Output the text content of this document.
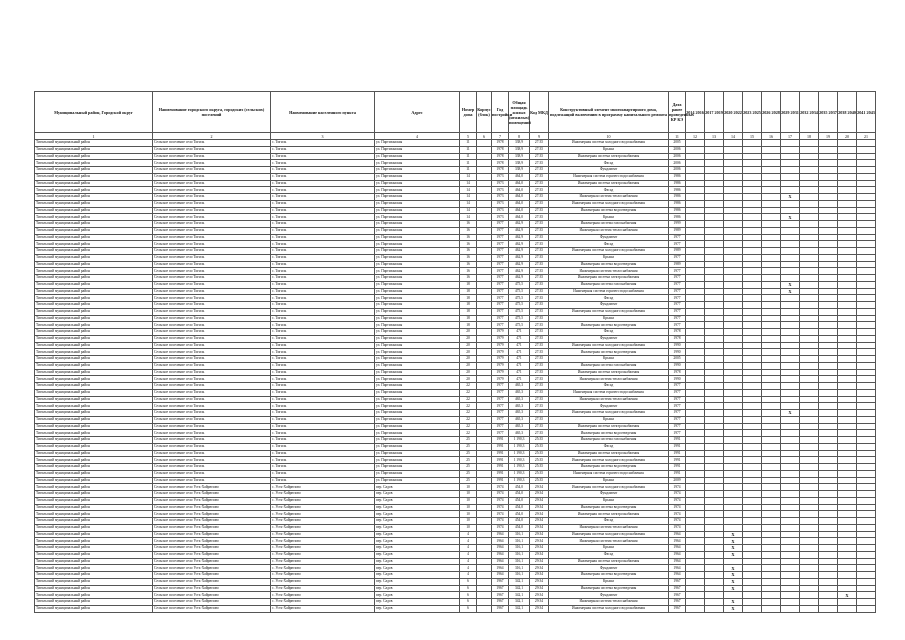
Муниципальный район, Городской округ	Наименование городского округа, городских (сельских) поселений	Наименование населенного пункта	Адрес	Номер дома	Корпус (блок)	Год постройки	Общая площадь жилых (нежилых) помещений	Код МКД	Конструктивный элемент многоквартирного дома, подлежащий включению в программу капитального ремонта	Дата ранее проведенных КР КЭ	2014 2016	2017 2019	2020 2022	2023 2025	2026 2028	2029 2031	2032 2034	2035 2037	2038 2040	2041 2043
1	2	3	4	5	6	7	8	9	10	11	12	13	14	15	16	17	18	19	20	21
Тигильский муниципальный район	Сельское поселение село Тигиль	с. Тигиль	ул. Партизанская	11		1978	338,9	27:35	Инженерная система холодного водоснабжения	2005										
Тигильский муниципальный район	Сельское поселение село Тигиль	с. Тигиль	ул. Партизанская	11		1978	338,9	27:35	Крыша	2006										
Тигильский муниципальный район	Сельское поселение село Тигиль	с. Тигиль	ул. Партизанская	11		1978	338,9	27:35	Инженерная система электроснабжения	2006										
Тигильский муниципальный район	Сельское поселение село Тигиль	с. Тигиль	ул. Партизанская	11		1978	338,9	27:35	Фасад	2006										
Тигильский муниципальный район	Сельское поселение село Тигиль	с. Тигиль	ул. Партизанская	11		1978	338,9	27:35	Фундамент	2006										
Тигильский муниципальный район	Сельское поселение село Тигиль	с. Тигиль	ул. Партизанская	14		1973	464,0	27:35	Инженерная система горячего водоснабжения	1986										
Тигильский муниципальный район	Сельское поселение село Тигиль	с. Тигиль	ул. Партизанская	14		1973	464,0	27:35	Инженерная система электроснабжения	1986										
Тигильский муниципальный район	Сельское поселение село Тигиль	с. Тигиль	ул. Партизанская	14		1973	464,0	27:35	Фасад	1986										
Тигильский муниципальный район	Сельское поселение село Тигиль	с. Тигиль	ул. Партизанская	14		1973	464,0	27:35	Инженерная система теплоснабжения	1986						X				
Тигильский муниципальный район	Сельское поселение село Тигиль	с. Тигиль	ул. Партизанская	14		1973	464,0	27:35	Инженерная система холодного водоснабжения	1986										
Тигильский муниципальный район	Сельское поселение село Тигиль	с. Тигиль	ул. Партизанская	14		1973	464,0	27:35	Инженерная система водоотведения	1986										
Тигильский муниципальный район	Сельское поселение село Тигиль	с. Тигиль	ул. Партизанская	14		1973	464,0	27:35	Крыша	1986						X				
Тигильский муниципальный район	Сельское поселение село Тигиль	с. Тигиль	ул. Партизанская	16		1977	462,9	27:35	Инженерная система газоснабжения	1999										
Тигильский муниципальный район	Сельское поселение село Тигиль	с. Тигиль	ул. Партизанская	16		1977	462,9	27:35	Инженерная система теплоснабжения	1989										
Тигильский муниципальный район	Сельское поселение село Тигиль	с. Тигиль	ул. Партизанская	16		1977	462,9	27:35	Фундамент	1977										
Тигильский муниципальный район	Сельское поселение село Тигиль	с. Тигиль	ул. Партизанская	16		1977	462,9	27:35	Фасад	1977										
Тигильский муниципальный район	Сельское поселение село Тигиль	с. Тигиль	ул. Партизанская	16		1977	462,9	27:35	Инженерная система холодного водоснабжения	1989										
Тигильский муниципальный район	Сельское поселение село Тигиль	с. Тигиль	ул. Партизанская	16		1977	462,9	27:35	Крыша	1977										
Тигильский муниципальный район	Сельское поселение село Тигиль	с. Тигиль	ул. Партизанская	16		1977	462,9	27:35	Инженерная система водоотведения	1989										
Тигильский муниципальный район	Сельское поселение село Тигиль	с. Тигиль	ул. Партизанская	16		1977	462,9	27:35	Инженерная система теплоснабжения	1977										
Тигильский муниципальный район	Сельское поселение село Тигиль	с. Тигиль	ул. Партизанская	16		1977	462,9	27:35	Инженерная система электроснабжения	1977										
Тигильский муниципальный район	Сельское поселение село Тигиль	с. Тигиль	ул. Партизанская	18		1977	475,5	27:35	Инженерная система газоснабжения	1977						X				
Тигильский муниципальный район	Сельское поселение село Тигиль	с. Тигиль	ул. Партизанская	18		1977	475,5	27:35	Инженерная система горячего водоснабжения	1977						X				
Тигильский муниципальный район	Сельское поселение село Тигиль	с. Тигиль	ул. Партизанская	18		1977	475,5	27:35	Фасад	1977										
Тигильский муниципальный район	Сельское поселение село Тигиль	с. Тигиль	ул. Партизанская	18		1977	475,5	27:35	Фундамент	1977										
Тигильский муниципальный район	Сельское поселение село Тигиль	с. Тигиль	ул. Партизанская	18		1977	475,5	27:35	Инженерная система холодного водоснабжения	1977										
Тигильский муниципальный район	Сельское поселение село Тигиль	с. Тигиль	ул. Партизанская	18		1977	475,5	27:35	Крыша	1977										
Тигильский муниципальный район	Сельское поселение село Тигиль	с. Тигиль	ул. Партизанская	18		1977	475,5	27:35	Инженерная система водоотведения	1977										
Тигильский муниципальный район	Сельское поселение село Тигиль	с. Тигиль	ул. Партизанская	20		1979	471	27:35	Фасад	1978										
Тигильский муниципальный район	Сельское поселение село Тигиль	с. Тигиль	ул. Партизанская	20		1979	471	27:35	Фундамент	1978										
Тигильский муниципальный район	Сельское поселение село Тигиль	с. Тигиль	ул. Партизанская	20		1979	471	27:35	Инженерная система холодного водоснабжения	1990										
Тигильский муниципальный район	Сельское поселение село Тигиль	с. Тигиль	ул. Партизанская	20		1979	471	27:35	Инженерная система водоотведения	1990										
Тигильский муниципальный район	Сельское поселение село Тигиль	с. Тигиль	ул. Партизанская	20		1979	471	27:35	Крыша	2005										
Тигильский муниципальный район	Сельское поселение село Тигиль	с. Тигиль	ул. Партизанская	20		1979	471	27:35	Инженерная система газоснабжения	1990										
Тигильский муниципальный район	Сельское поселение село Тигиль	с. Тигиль	ул. Партизанская	20		1979	471	27:35	Инженерная система электроснабжения	1978										
Тигильский муниципальный район	Сельское поселение село Тигиль	с. Тигиль	ул. Партизанская	20		1979	471	27:35	Инженерная система теплоснабжения	1990										
Тигильский муниципальный район	Сельское поселение село Тигиль	с. Тигиль	ул. Партизанская	22		1977	465,3	27:35	Фасад	1977										
Тигильский муниципальный район	Сельское поселение село Тигиль	с. Тигиль	ул. Партизанская	22		1977	465,3	27:35	Инженерная система горячего водоснабжения	1977										
Тигильский муниципальный район	Сельское поселение село Тигиль	с. Тигиль	ул. Партизанская	22		1977	465,3	27:35	Инженерная система теплоснабжения	1977										
Тигильский муниципальный район	Сельское поселение село Тигиль	с. Тигиль	ул. Партизанская	22		1977	465,3	27:35	Фундамент	1977										
Тигильский муниципальный район	Сельское поселение село Тигиль	с. Тигиль	ул. Партизанская	22		1977	465,3	27:35	Инженерная система холодного водоснабжения	1977						X				
Тигильский муниципальный район	Сельское поселение село Тигиль	с. Тигиль	ул. Партизанская	22		1977	465,3	27:35	Крыша	1977										
Тигильский муниципальный район	Сельское поселение село Тигиль	с. Тигиль	ул. Партизанская	22		1977	465,3	27:35	Инженерная система электроснабжения	1977										
Тигильский муниципальный район	Сельское поселение село Тигиль	с. Тигиль	ул. Партизанская	22		1977	465,3	27:35	Инженерная система водоотведения	1977										
Тигильский муниципальный район	Сельское поселение село Тигиль	с. Тигиль	ул. Партизанская	25		1991	1 190,3	25:35	Инженерная система газоснабжения	1991										
Тигильский муниципальный район	Сельское поселение село Тигиль	с. Тигиль	ул. Партизанская	25		1991	1 190,3	25:35	Фасад	1991										
Тигильский муниципальный район	Сельское поселение село Тигиль	с. Тигиль	ул. Партизанская	25		1991	1 190,3	25:35	Инженерная система электроснабжения	1991										
Тигильский муниципальный район	Сельское поселение село Тигиль	с. Тигиль	ул. Партизанская	25		1991	1 190,3	25:35	Инженерная система холодного водоснабжения	1991										
Тигильский муниципальный район	Сельское поселение село Тигиль	с. Тигиль	ул. Партизанская	25		1991	1 190,3	25:35	Инженерная система водоотведения	1991										
Тигильский муниципальный район	Сельское поселение село Тигиль	с. Тигиль	ул. Партизанская	25		1991	1 190,3	25:35	Инженерная система горячего водоснабжения	1991										
Тигильский муниципальный район	Сельское поселение село Тигиль	с. Тигиль	ул. Партизанская	25		1991	1 190,3	25:35	Крыша	2009										
Тигильский муниципальный район	Сельское поселение село Усть-Хайрюзово	с. Усть-Хайрюзово	пер. Садов	10		1974	454,0	29:34	Инженерная система холодного водоснабжения	1974										
Тигильский муниципальный район	Сельское поселение село Усть-Хайрюзово	с. Усть-Хайрюзово	пер. Садов	10		1974	454,0	29:34	Фундамент	1974										
Тигильский муниципальный район	Сельское поселение село Усть-Хайрюзово	с. Усть-Хайрюзово	пер. Садов	10		1974	454,0	29:34	Крыша	1974										
Тигильский муниципальный район	Сельское поселение село Усть-Хайрюзово	с. Усть-Хайрюзово	пер. Садов	10		1974	454,0	29:34	Инженерная система водоотведения	1974										
Тигильский муниципальный район	Сельское поселение село Усть-Хайрюзово	с. Усть-Хайрюзово	пер. Садов	10		1974	454,0	29:34	Инженерная система электроснабжения	1974										
Тигильский муниципальный район	Сельское поселение село Усть-Хайрюзово	с. Усть-Хайрюзово	пер. Садов	10		1974	454,0	29:34	Фасад	1974										
Тигильский муниципальный район	Сельское поселение село Усть-Хайрюзово	с. Усть-Хайрюзово	пер. Садов	10		1974	454,0	29:34	Инженерная система теплоснабжения	1974										
Тигильский муниципальный район	Сельское поселение село Усть-Хайрюзово	с. Усть-Хайрюзово	пер. Садов	4		1964	316,1	29:34	Инженерная система холодного водоснабжения	1964			X							
Тигильский муниципальный район	Сельское поселение село Усть-Хайрюзово	с. Усть-Хайрюзово	пер. Садов	4		1964	316,1	29:34	Инженерная система теплоснабжения	1964			X							
Тигильский муниципальный район	Сельское поселение село Усть-Хайрюзово	с. Усть-Хайрюзово	пер. Садов	4		1964	316,1	29:34	Крыша	1964			X							
Тигильский муниципальный район	Сельское поселение село Усть-Хайрюзово	с. Усть-Хайрюзово	пер. Садов	4		1964	316,1	29:34	Фасад	1964			X							
Тигильский муниципальный район	Сельское поселение село Усть-Хайрюзово	с. Усть-Хайрюзово	пер. Садов	4		1964	316,1	29:34	Инженерная система электроснабжения	1964										
Тигильский муниципальный район	Сельское поселение село Усть-Хайрюзово	с. Усть-Хайрюзово	пер. Садов	4		1964	316,1	29:34	Фундамент	1964			X							
Тигильский муниципальный район	Сельское поселение село Усть-Хайрюзово	с. Усть-Хайрюзово	пер. Садов	4		1964	316,1	29:34	Инженерная система водоотведения	1964			X							
Тигильский муниципальный район	Сельское поселение село Усть-Хайрюзово	с. Усть-Хайрюзово	пер. Садов	6		1967	342,1	29:34	Крыша	1967			X							
Тигильский муниципальный район	Сельское поселение село Усть-Хайрюзово	с. Усть-Хайрюзово	пер. Садов	6		1967	342,1	29:34	Инженерная система водоотведения	1967			X							
Тигильский муниципальный район	Сельское поселение село Усть-Хайрюзово	с. Усть-Хайрюзово	пер. Садов	6		1967	342,1	29:34	Фундамент	1967									X	
Тигильский муниципальный район	Сельское поселение село Усть-Хайрюзово	с. Усть-Хайрюзово	пер. Садов	6		1967	342,1	29:34	Инженерная система теплоснабжения	1967			X							
Тигильский муниципальный район	Сельское поселение село Усть-Хайрюзово	с. Усть-Хайрюзово	пер. Садов	6		1967	342,1	29:34	Инженерная система холодного водоснабжения	1967			X							
